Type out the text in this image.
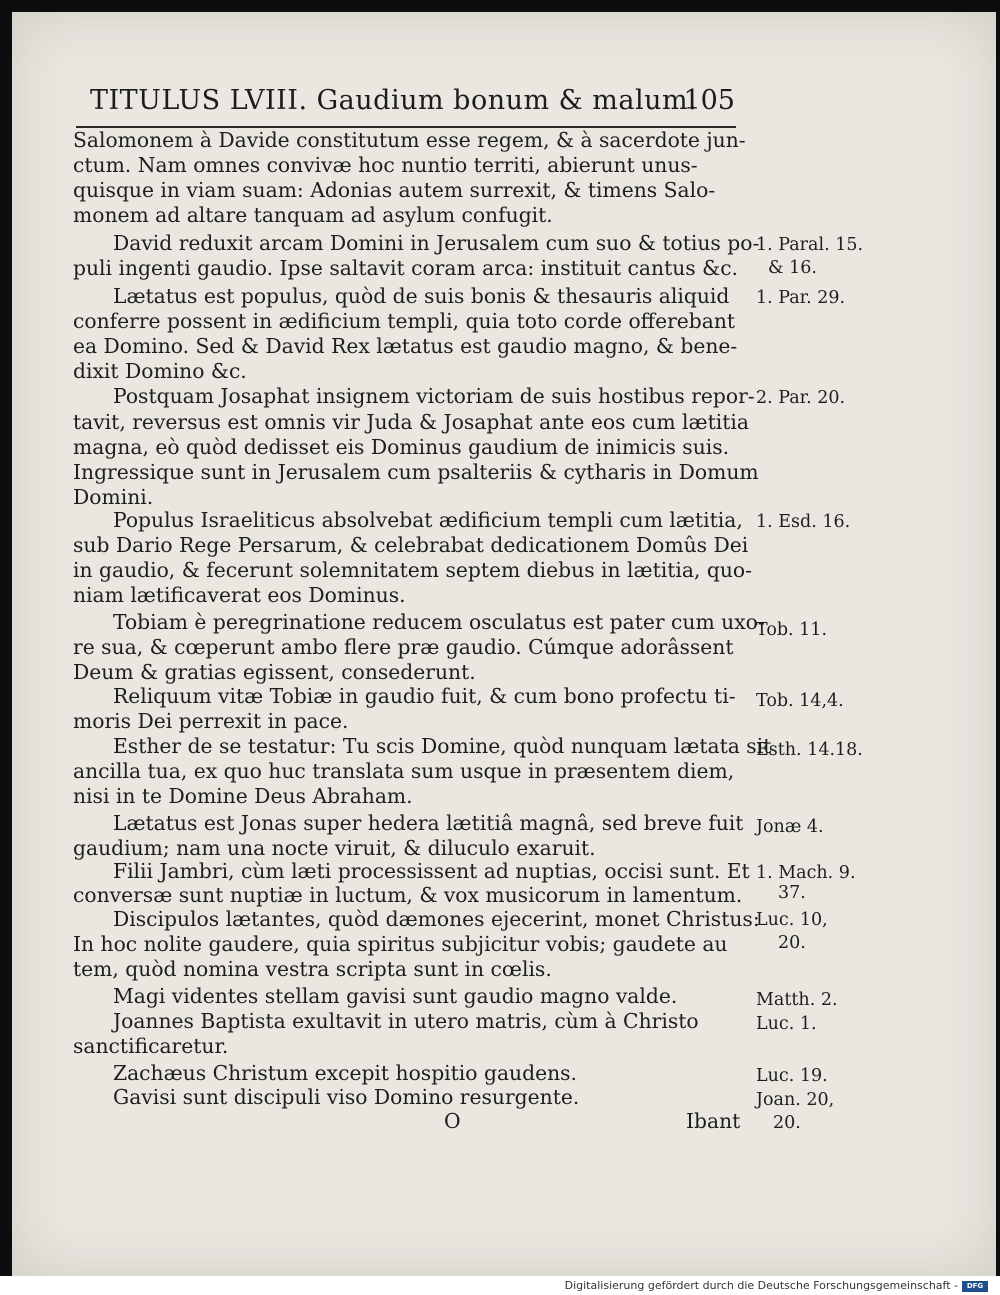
TITULUS LVIII. Gaudium bonum & malum.
105
Salomonem à Davide constitutum esse regem, & à sacerdote jun-
ctum. Nam omnes convivæ hoc nuntio territi, abierunt unus-
quisque in viam suam: Adonias autem surrexit, & timens Salo-
monem ad altare tanquam ad asylum confugit.
David reduxit arcam Domini in Jerusalem cum suo & totius po-
puli ingenti gaudio. Ipse saltavit coram arca: instituit cantus &c.
Lætatus est populus, quòd de suis bonis & thesauris aliquid
conferre possent in ædificium templi, quia toto corde offerebant
ea Domino. Sed & David Rex lætatus est gaudio magno, & bene-
dixit Domino &c.
Postquam Josaphat insignem victoriam de suis hostibus repor-
tavit, reversus est omnis vir Juda & Josaphat ante eos cum lætitia
magna, eò quòd dedisset eis Dominus gaudium de inimicis suis.
Ingressique sunt in Jerusalem cum psalteriis & cytharis in Domum
Domini.
Populus Israeliticus absolvebat ædificium templi cum lætitia,
sub Dario Rege Persarum, & celebrabat dedicationem Domûs Dei
in gaudio, & fecerunt solemnitatem septem diebus in lætitia, quo-
niam lætificaverat eos Dominus.
Tobiam è peregrinatione reducem osculatus est pater cum uxo-
re sua, & cœperunt ambo flere præ gaudio. Cúmque adorâssent
Deum & gratias egissent, consederunt.
Reliquum vitæ Tobiæ in gaudio fuit, & cum bono profectu ti-
moris Dei perrexit in pace.
Esther de se testatur: Tu scis Domine, quòd nunquam lætata sit
ancilla tua, ex quo huc translata sum usque in præsentem diem,
nisi in te Domine Deus Abraham.
Lætatus est Jonas super hedera lætitiâ magnâ, sed breve fuit
gaudium; nam una nocte viruit, & diluculo exaruit.
Filii Jambri, cùm læti processissent ad nuptias, occisi sunt. Et
conversæ sunt nuptiæ in luctum, & vox musicorum in lamentum.
Discipulos lætantes, quòd dæmones ejecerint, monet Christus:
In hoc nolite gaudere, quia spiritus subjicitur vobis; gaudete au
tem, quòd nomina vestra scripta sunt in cœlis.
Magi videntes stellam gavisi sunt gaudio magno valde.
Joannes Baptista exultavit in utero matris, cùm à Christo
sanctificaretur.
Zachæus Christum excepit hospitio gaudens.
Gavisi sunt discipuli viso Domino resurgente.
1. Paral. 15.
& 16.
1. Par. 29.
2. Par. 20.
1. Esd. 16.
Tob. 11.
Tob. 14,4.
Esth. 14.18.
Jonæ 4.
1. Mach. 9.
37.
Luc. 10,
20.
Matth. 2.
Luc. 1.
Luc. 19.
Joan. 20,
20.
O	Ibant
Digitalisierung gefördert durch die Deutsche Forschungsgemeinschaft -	DFG
